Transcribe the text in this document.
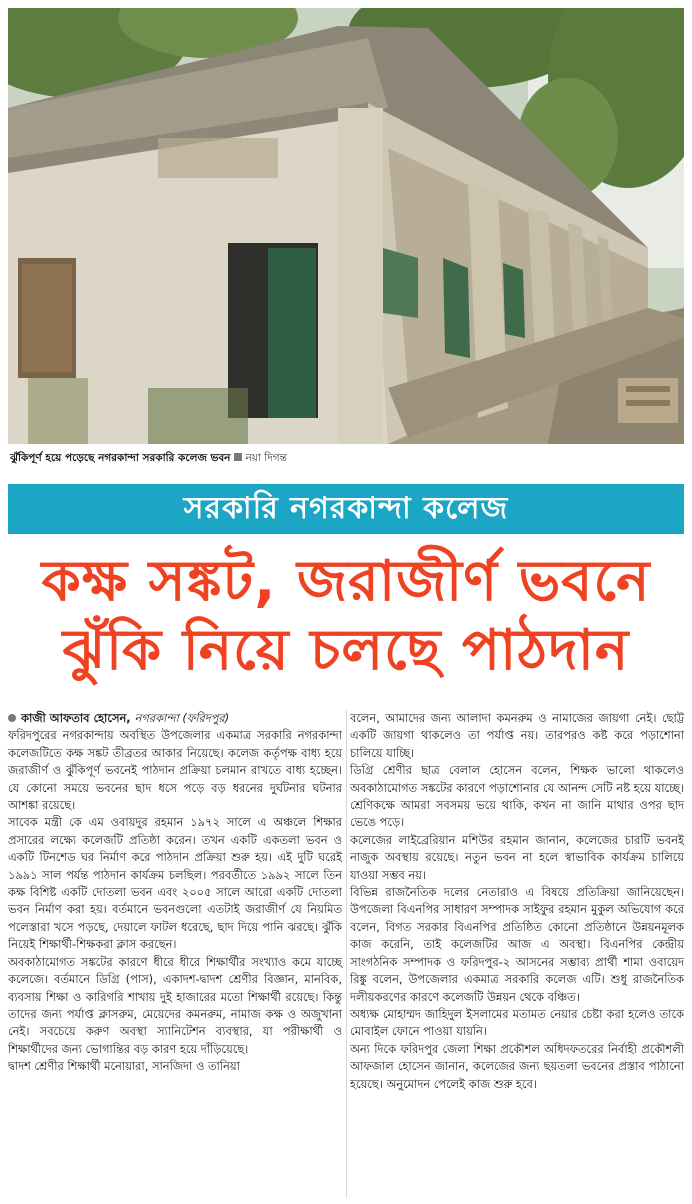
ঝুঁকিপূর্ণ হয়ে পড়েছে নগরকান্দা সরকারি কলেজ ভবন নয়া দিগন্ত
সরকারি নগরকান্দা কলেজ
কক্ষ সঙ্কট, জরাজীর্ণ ভবনে
ঝুঁকি নিয়ে চলছে পাঠদান

কাজী আফতাব হোসেন, নগরকান্দা (ফরিদপুর)

ফরিদপুরের নগরকান্দায় অবস্থিত উপজেলার একমাত্র সরকারি নগরকান্দা কলেজটিতে কক্ষ সঙ্কট তীব্রতর আকার নিয়েছে। কলেজ কর্তৃপক্ষ বাধ্য হয়ে জরাজীর্ণ ও ঝুঁকিপূর্ণ ভবনেই পাঠদান প্রক্রিয়া চলমান রাখতে বাধ্য হচ্ছেন। যে কোনো সময়ে ভবনের ছাদ ধসে পড়ে বড় ধরনের দুর্ঘটনার ঘটনার আশঙ্কা রয়েছে।

সাবেক মন্ত্রী কে এম ওবায়দুর রহমান ১৯৭২ সালে এ অঞ্চলে শিক্ষার প্রসারের লক্ষ্যে কলেজটি প্রতিষ্ঠা করেন। তখন একটি একতলা ভবন ও একটি টিনশেড ঘর নির্মাণ করে পাঠদান প্রক্রিয়া শুরু হয়। এই দুটি ঘরেই ১৯৯১ সাল পর্যন্ত পাঠদান কার্যক্রম চলছিল। পরবর্তীতে ১৯৯২ সালে তিন কক্ষ বিশিষ্ট একটি দোতলা ভবন এবং ২০০৫ সালে আরো একটি দোতলা ভবন নির্মাণ করা হয়। বর্তমানে ভবনগুলো এতটাই জরাজীর্ণ যে নিয়মিত পলেস্তারা খসে পড়ছে, দেয়ালে ফাটল ধরেছে, ছাদ দিয়ে পানি ঝরছে। ঝুঁকি নিয়েই শিক্ষার্থী-শিক্ষকরা ক্লাস করছেন।

অবকাঠামোগত সঙ্কটের কারণে ধীরে ধীরে শিক্ষার্থীর সংখ্যাও কমে যাচ্ছে কলেজে। বর্তমানে ডিগ্রি (পাস), একাদশ-দ্বাদশ শ্রেণীর বিজ্ঞান, মানবিক, ব্যবসায় শিক্ষা ও কারিগরি শাখায় দুই হাজারের মতো শিক্ষার্থী রয়েছে। কিন্তু তাদের জন্য পর্যাপ্ত ক্লাসরুম, মেয়েদের কমনরুম, নামাজ কক্ষ ও অজুখানা নেই। সবচেয়ে করুণ অবস্থা স্যানিটেশন ব্যবস্থার, যা পরীক্ষার্থী ও শিক্ষার্থীদের জন্য ভোগান্তির বড় কারণ হয়ে দাঁড়িয়েছে।

দ্বাদশ শ্রেণীর শিক্ষার্থী মনোয়ারা, সানজিদা ও তানিয়া

বলেন, আমাদের জন্য আলাদা কমনরুম ও নামাজের জায়গা নেই। ছোট্ট একটি জায়গা থাকলেও তা পর্যাপ্ত নয়। তারপরও কষ্ট করে পড়াশোনা চালিয়ে যাচ্ছি।

ডিগ্রি শ্রেণীর ছাত্র বেলাল হোসেন বলেন, শিক্ষক ভালো থাকলেও অবকাঠামোগত সঙ্কটের কারণে পড়াশোনার যে আনন্দ সেটি নষ্ট হয়ে যাচ্ছে। শ্রেণিকক্ষে আমরা সবসময় ভয়ে থাকি, কখন না জানি মাথার ওপর ছাদ ভেঙে পড়ে।

কলেজের লাইব্রেরিয়ান মশিউর রহমান জানান, কলেজের চারটি ভবনই নাজুক অবস্থায় রয়েছে। নতুন ভবন না হলে স্বাভাবিক কার্যক্রম চালিয়ে যাওয়া সম্ভব নয়।

বিভিন্ন রাজনৈতিক দলের নেতারাও এ বিষয়ে প্রতিক্রিয়া জানিয়েছেন। উপজেলা বিএনপির সাধারণ সম্পাদক সাইফুর রহমান মুকুল অভিযোগ করে বলেন, বিগত সরকার বিএনপির প্রতিষ্ঠিত কোনো প্রতিষ্ঠানে উন্নয়নমূলক কাজ করেনি, তাই কলেজটির আজ এ অবস্থা। বিএনপির কেন্দ্রীয় সাংগঠনিক সম্পাদক ও ফরিদপুর-২ আসনের সম্ভাব্য প্রার্থী শামা ওবায়েদ রিঙ্কু বলেন, উপজেলার একমাত্র সরকারি কলেজ এটি। শুধু রাজনৈতিক দলীয়করণের কারণে কলেজটি উন্নয়ন থেকে বঞ্চিত।

অধ্যক্ষ মোহাম্মদ জাহিদুল ইসলামের মতামত নেয়ার চেষ্টা করা হলেও তাকে মোবাইল ফোনে পাওয়া যায়নি।

অন্য দিকে ফরিদপুর জেলা শিক্ষা প্রকৌশল অধিদফতরের নির্বাহী প্রকৌশলী আফজাল হোসেন জানান, কলেজের জন্য ছয়তলা ভবনের প্রস্তাব পাঠানো হয়েছে। অনুমোদন পেলেই কাজ শুরু হবে।
